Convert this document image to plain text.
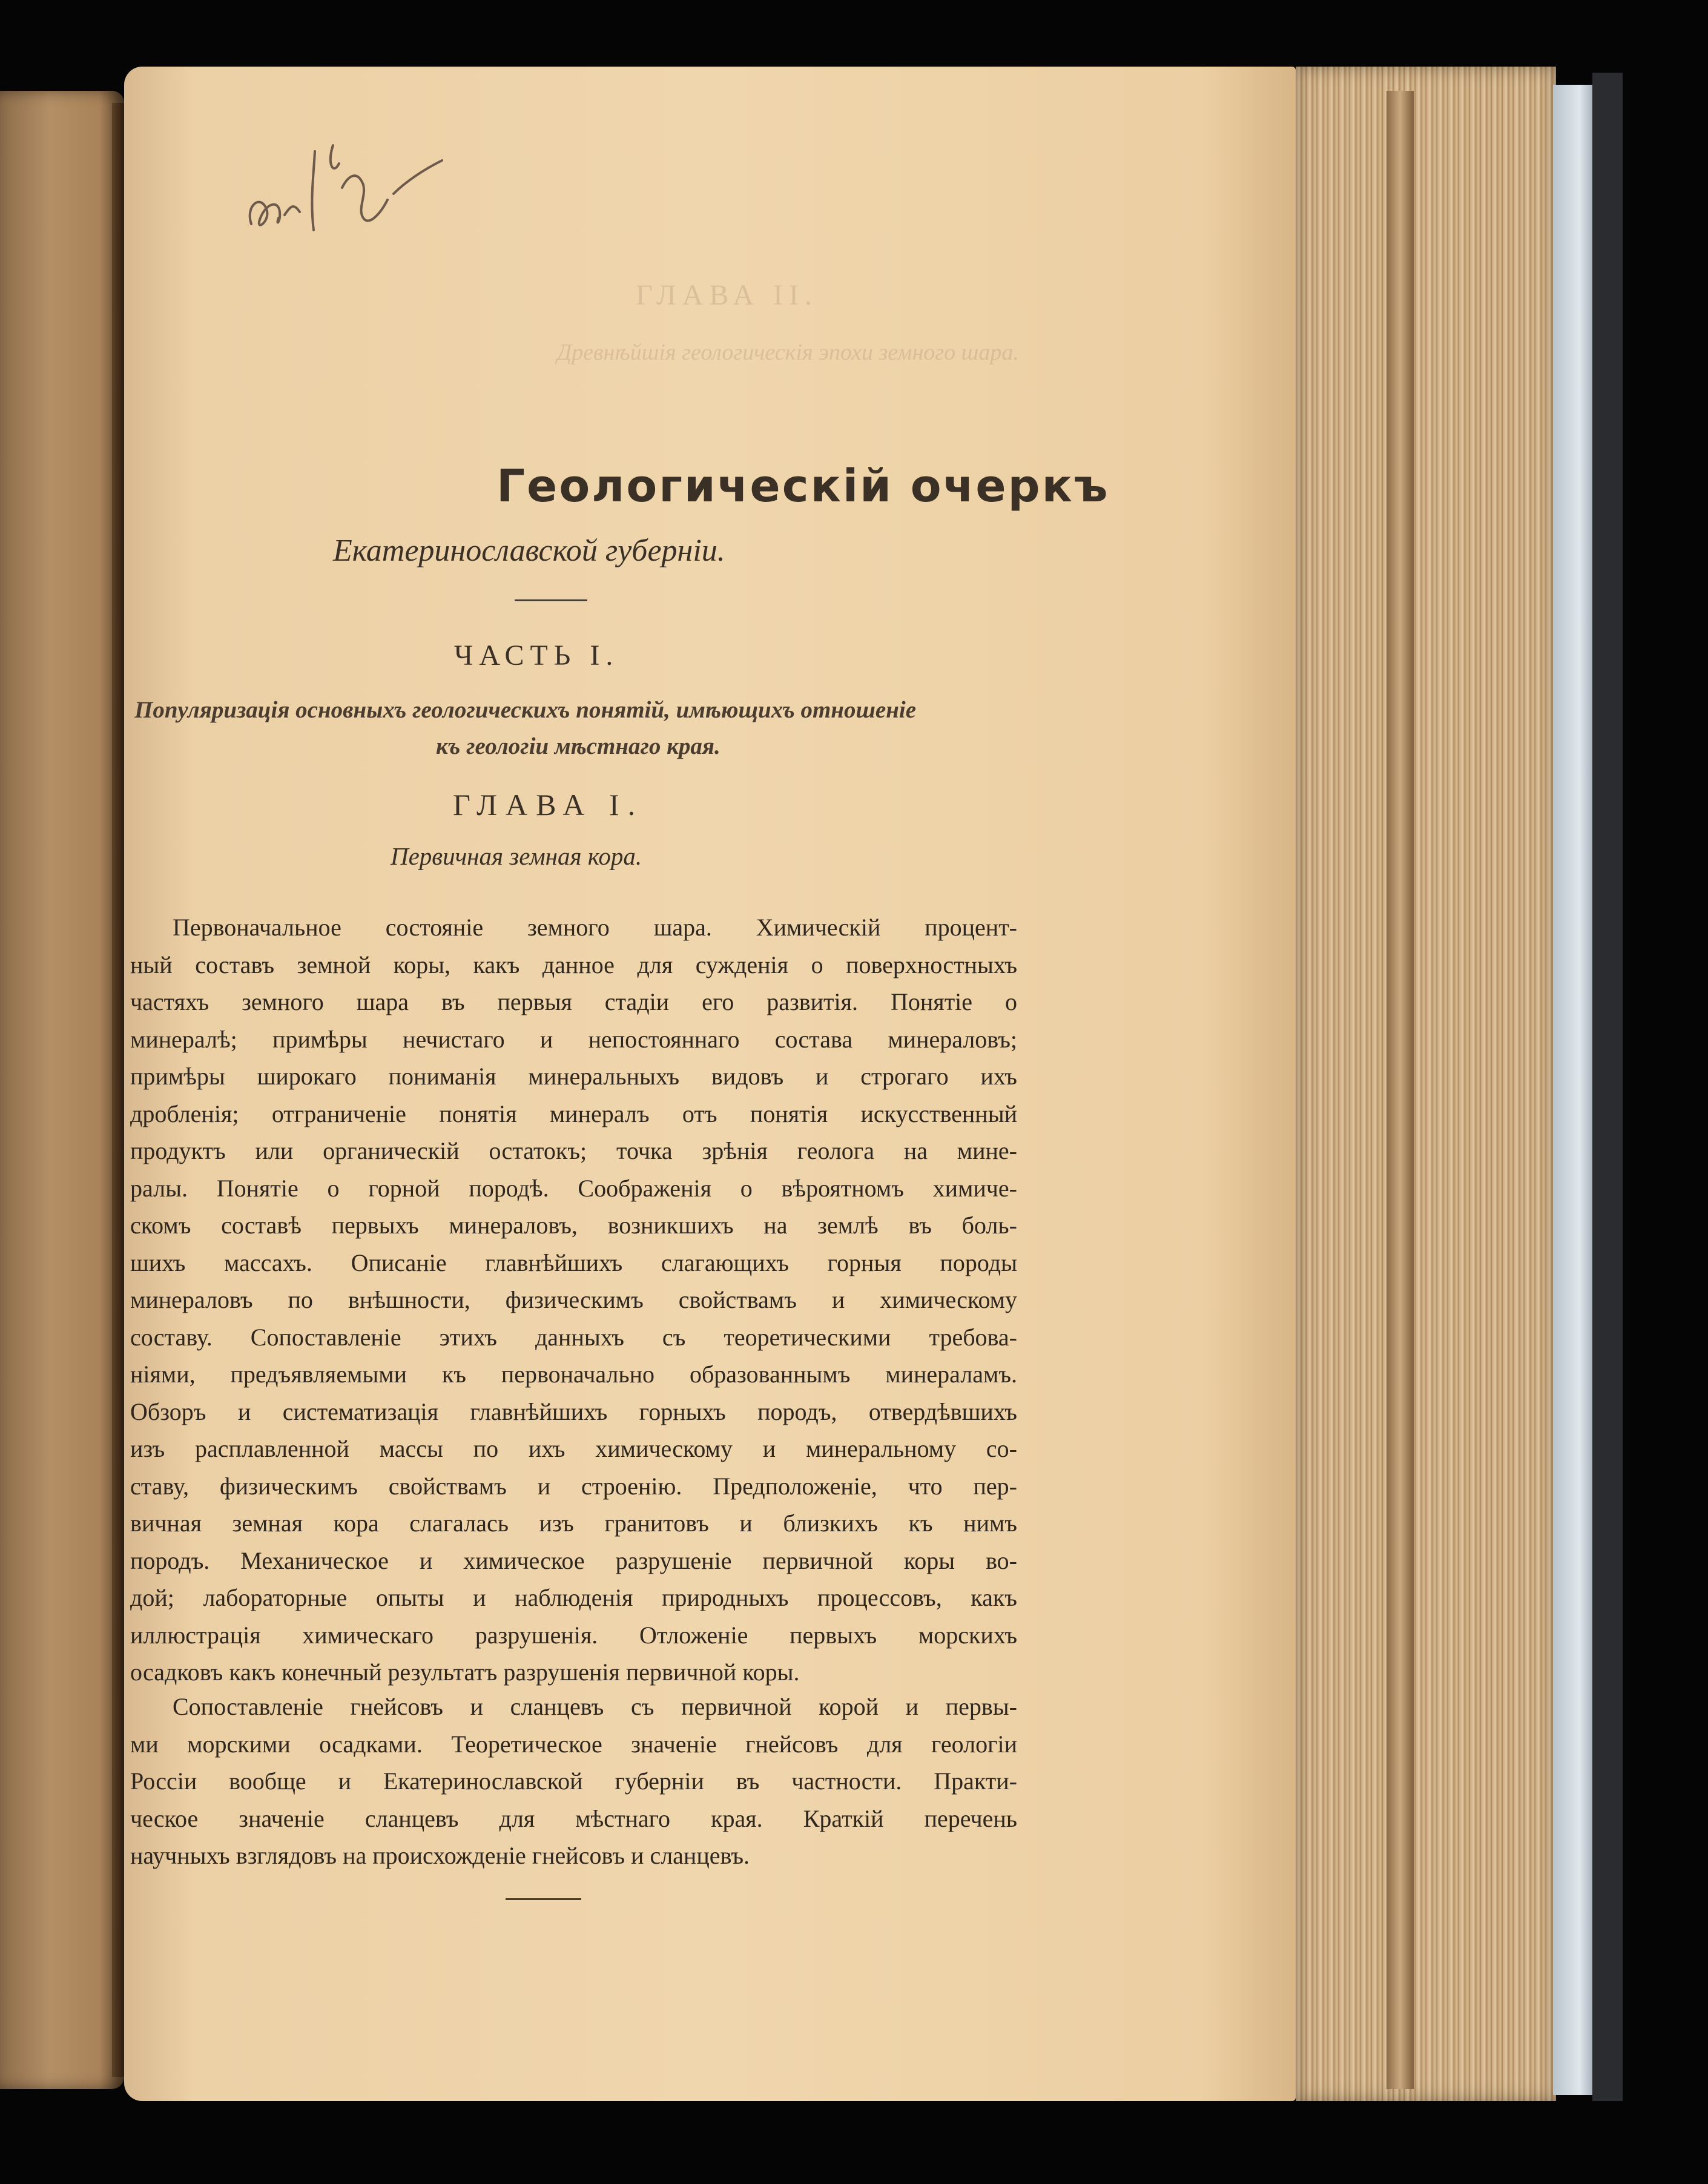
ГЛАВА II.
Древнѣйшія геологическія эпохи земного шара.
Геологическій очеркъ
Екатеринославской губерніи.
ЧАСТЬ I.
Популяризація основныхъ геологическихъ понятій, имѣющихъ отношеніе
къ геологіи мѣстнаго края.
ГЛАВА I.
Первичная земная кора.
Первоначальное состояніе земного шара. Химическій процент-
ный составъ земной коры, какъ данное для сужденія о поверхностныхъ
частяхъ земного шара въ первыя стадіи его развитія. Понятіе о
минералѣ; примѣры нечистаго и непостояннаго состава минераловъ;
примѣры широкаго пониманія минеральныхъ видовъ и строгаго ихъ
дробленія; отграниченіе понятія минералъ отъ понятія искусственный
продуктъ или органическій остатокъ; точка зрѣнія геолога на мине-
ралы. Понятіе о горной породѣ. Соображенія о вѣроятномъ химиче-
скомъ составѣ первыхъ минераловъ, возникшихъ на землѣ въ боль-
шихъ массахъ. Описаніе главнѣйшихъ слагающихъ горныя породы
минераловъ по внѣшности, физическимъ свойствамъ и химическому
составу. Сопоставленіе этихъ данныхъ съ теоретическими требова-
ніями, предъявляемыми къ первоначально образованнымъ минераламъ.
Обзоръ и систематизація главнѣйшихъ горныхъ породъ, отвердѣвшихъ
изъ расплавленной массы по ихъ химическому и минеральному со-
ставу, физическимъ свойствамъ и строенію. Предположеніе, что пер-
вичная земная кора слагалась изъ гранитовъ и близкихъ къ нимъ
породъ. Механическое и химическое разрушеніе первичной коры во-
дой; лабораторные опыты и наблюденія природныхъ процессовъ, какъ
иллюстрація химическаго разрушенія. Отложеніе первыхъ морскихъ
осадковъ какъ конечный результатъ разрушенія первичной коры.
Сопоставленіе гнейсовъ и сланцевъ съ первичной корой и первы-
ми морскими осадками. Теоретическое значеніе гнейсовъ для геологіи
Россіи вообще и Екатеринославской губерніи въ частности. Практи-
ческое значеніе сланцевъ для мѣстнаго края. Краткій перечень
научныхъ взглядовъ на происхожденіе гнейсовъ и сланцевъ.
